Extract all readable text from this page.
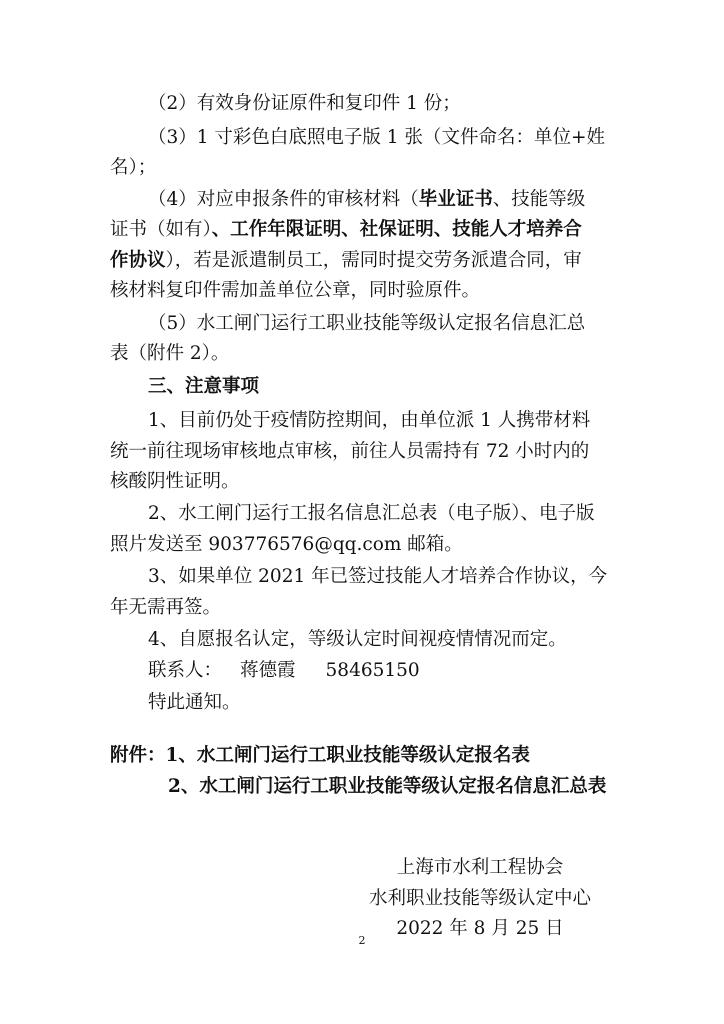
（2）有效身份证原件和复印件 1 份；
（3）1 寸彩色白底照电子版 1 张（文件命名：单位+姓
名）；
（4）对应申报条件的审核材料（毕业证书、技能等级
证书（如有）、工作年限证明、社保证明、技能人才培养合
作协议），若是派遣制员工，需同时提交劳务派遣合同，审
核材料复印件需加盖单位公章，同时验原件。
（5）水工闸门运行工职业技能等级认定报名信息汇总
表（附件 2）。
三、注意事项
1、目前仍处于疫情防控期间，由单位派 1 人携带材料
统一前往现场审核地点审核，前往人员需持有 72 小时内的
核酸阴性证明。
2、水工闸门运行工报名信息汇总表（电子版）、电子版
照片发送至 903776576@qq.com 邮箱。
3、如果单位 2021 年已签过技能人才培养合作协议，今
年无需再签。
4、自愿报名认定，等级认定时间视疫情情况而定。
联系人： 蒋德霞 58465150
特此通知。
附件：1、水工闸门运行工职业技能等级认定报名表
2、水工闸门运行工职业技能等级认定报名信息汇总表
上海市水利工程协会
水利职业技能等级认定中心
2022 年 8 月 25 日
2
